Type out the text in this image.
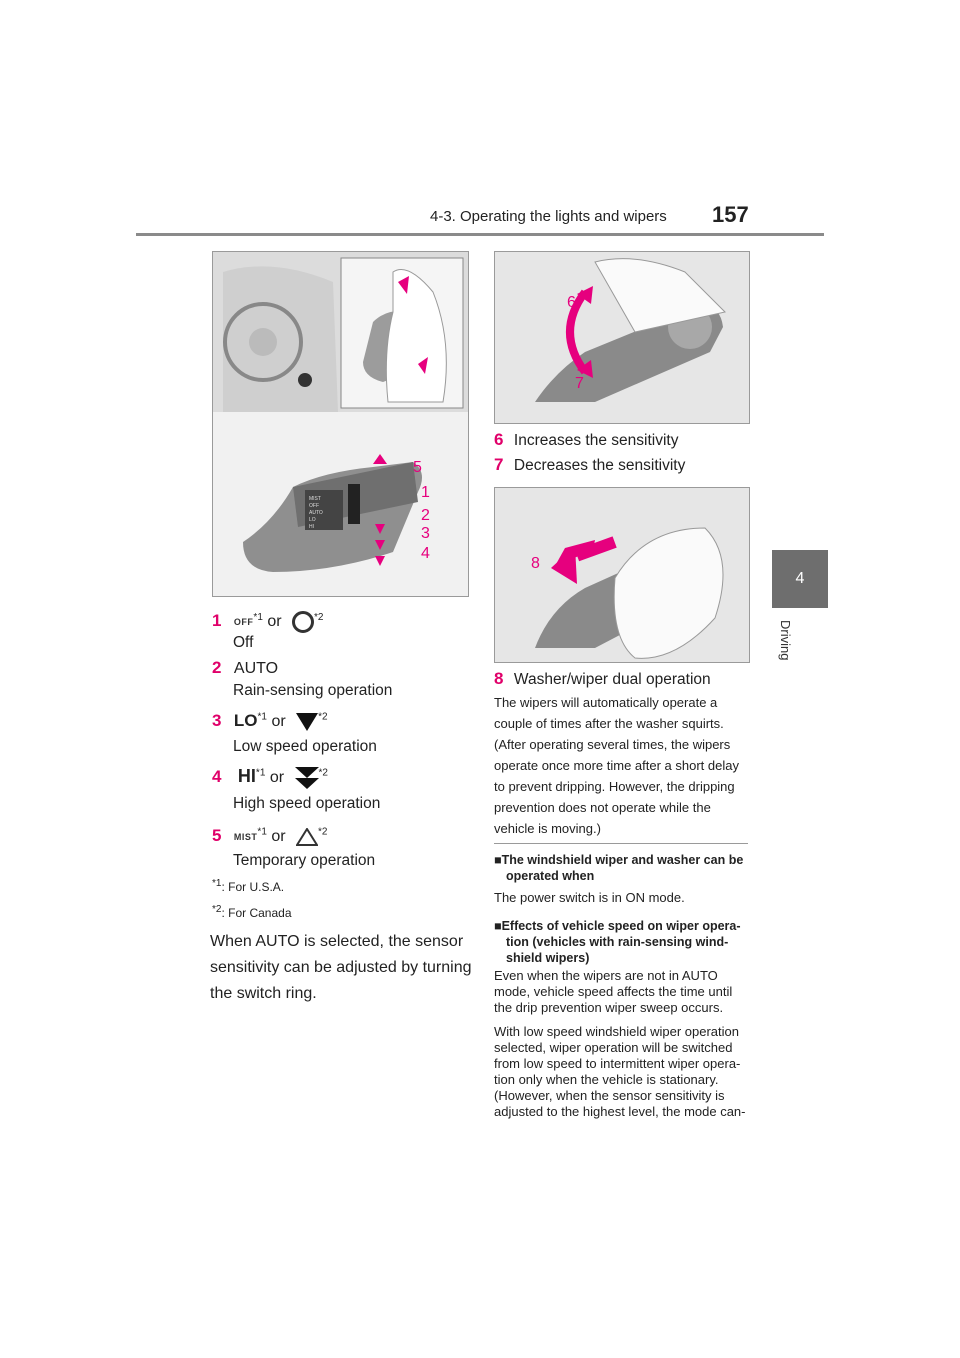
4-3. Operating the lights and wipers 157
4
Driving
MIST
OFF
AUTO
LO
HI
5
1
2
3
4
1 OFF$^{*1}$ or	$^{*2}$
Off
2 AUTO
Rain-sensing operation
3 LO$^{*1}$ or	$^{*2}$
Low speed operation
4 HI$^{*1}$ or	$^{*2}$
High speed operation
5 MIST$^{*1}$ or	$^{*2}$
Temporary operation
$^{*1}$: For U.S.A.
$^{*2}$: For Canada
When AUTO is selected, the sensor
sensitivity can be adjusted by turning
the switch ring.
6
7
6 Increases the sensitivity
7 Decreases the sensitivity
8
8 Washer/wiper dual operation
The wipers will automatically operate a
couple of times after the washer squirts.
(After operating several times, the wipers
operate once more time after a short delay
to prevent dripping. However, the dripping
prevention does not operate while the
vehicle is moving.)
■The windshield wiper and washer can be
operated when
The power switch is in ON mode.
■Effects of vehicle speed on wiper opera-
tion (vehicles with rain-sensing wind-
shield wipers)
Even when the wipers are not in AUTO
mode, vehicle speed affects the time until
the drip prevention wiper sweep occurs.
With low speed windshield wiper operation
selected, wiper operation will be switched
from low speed to intermittent wiper opera-
tion only when the vehicle is stationary.
(However, when the sensor sensitivity is
adjusted to the highest level, the mode can-
